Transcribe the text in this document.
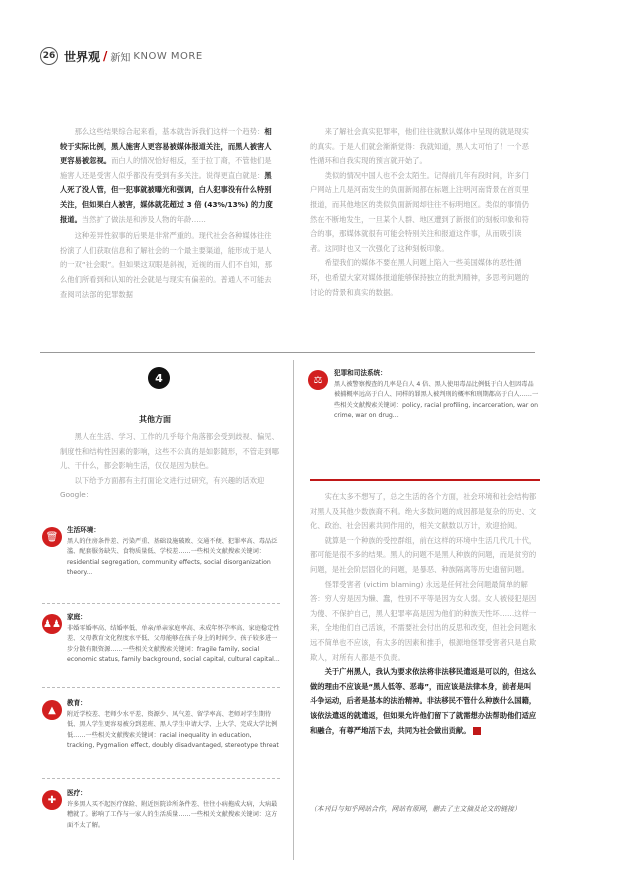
26 世界观 / 新知 KNOW MORE

那么这些结果综合起来看，基本就告诉我们这样一个趋势：相较于实际比例，黑人施害人更容易被媒体报道关注，而黑人被害人更容易被忽视。而白人的情况恰好相反，至于拉丁裔，不管他们是施害人还是受害人似乎都没有受到有多关注。说得更直白就是：黑人死了没人管，但一犯事就被曝光和强调，白人犯事没有什么特别关注，但如果白人被害，媒体就花超过 3 倍 (43%/13%) 的力度报道。当然扩了做法是和涉及人物的年龄……

这种差异性叙事的后果是非常严重的。现代社会各种媒体往往扮演了人们获取信息和了解社会的一个最主要渠道，能形成于是人的一双“社会眼”。但如果这双眼是斜视，近视的而人们不自知，那么他们所看到和认知的社会就是与现实有偏差的。普通人不可能去查阅司法部的犯罪数据

来了解社会真实犯罪率，他们往往就默认媒体中呈现的就是现实的真实。于是人们就会渐渐觉得：我就知道，黑人太可怕了！一个恶性循环和自我实现的预言就开始了。

类似的情况中国人也不会太陌生。记得前几年有段时间，许多门户网站上几是河南发生的负面新闻都在标题上注明河南背景在首页里报道，而其他地区的类似负面新闻却往往不标明地区。类似的事情仍然在不断地发生，一旦某个人群、地区遭到了新报们的刻板印象和符合的事，那媒体就很有可能会特别关注和报道这件事，从而吸引读者。这同时也又一次强化了这种刻板印象。

希望我们的媒体不要在黑人问题上陷入一些美国媒体的恶性循环，也希望大家对媒体报道能够保持独立的批判精神，多思考问题的讨论的背景和真实的数据。

4
其他方面

黑人在生活、学习、工作的几乎每个角落都会受到歧视、偏见、制度性和结构性因素的影响，这些不公真的是如影随形，不管走到哪儿、干什么，都会影响生活，仅仅是因为肤色。

以下给予方面都有主打面论文进行过研究，有兴趣的话欢迎 Google：

🗑
生活环境：
黑人的住房条件差、污染严重、基础设施破败、交通不便、犯罪率高、毒品泛滥、配套服务缺失、食物质量低、学校差……一些相关文献搜索关键词：residential segregation, community effects, social disorganization theory...
♟♟
家庭：
非婚零婚率高、结婚率低、单亲/单亲家庭率高、未成年怀孕率高、家庭稳定性差、父母教育文化程度水平低、父母能够在孩子身上的时间少、孩子较多进一步分散有限资源……一些相关文献搜索关键词：fragile family, social economic status, family background, social capital, cultural capital...
▲
教育：
附近学校差、老师少水平差、资源少、风气差、留学率高、老师对学生期待低、黑人学生更容易被分到差班、黑人学生申请大学、上大学、完成大学比例低……一些相关文献搜索关键词：racial inequality in education, tracking, Pygmalion effect, doubly disadvantaged, stereotype threat
✚
医疗：
许多黑人买不起医疗保险、附近医院诊所条件差、往往小病拖成大病，大病最糟就了。影响了工作与一家人的生活质量……一些相关文献搜索关键词：这方面不太了解。
⚖
犯罪和司法系统：
黑人被警察搜查的几率是白人 4 倍、黑人使用毒品比例低于白人但因毒品被捕概率远高于白人、同样的罪黑人被判刑的概率和刑期都高于白人……一些相关文献搜索关键词：policy, racial profiling, incarceration, war on crime, war on drug...

实在太多不想写了，总之生活的各个方面，社会环境和社会结构都对黑人及其他少数族裔不利。绝大多数问题的成因都是复杂的历史、文化、政治、社会因素共同作用的，相关文献数以万计，欢迎拾阅。

就算是一个种族的受控群组，前在这样的环境中生活几代几十代，都可能是很不多的结果。黑人的问题不是黑人种族的问题，而是贫穷的问题，是社会阶层固化的问题，是暴恶、种族隔离等历史遗留问题。

怪罪受害者 (victim blaming) 永远是任何社会问题最简单的解答：穷人穷是因为懒、蠢，性别不平等是因为女人弱。女人被侵犯是因为傻、不保护自己，黑人犯罪率高是因为他们的种族天性坏……这样一来，全地他们自己活该，不需要社会付出的反思和改变，但社会问题永远不简单也不应该，有太多的因素和推手，根源地怪罪受害者只是自欺欺人，对所有人都是不负责。

关于广州黑人，我认为要求依法将非法移民遣返是可以的，但这么做的理由不应该是“黑人低等、恶毒”，而应该是法律本身，前者是叫斗争运动，后者是基本的法治精神。非法移民不管什么种族什么国籍，该依法遣返的就遣返，但如果允许他们留下了就需想办法帮助他们适应和融合，有尊严地活下去，共同为社会做出贡献。	A

（本刊目与知乎网站合作，网站有原网，删去了主文摘及论文的链接）
